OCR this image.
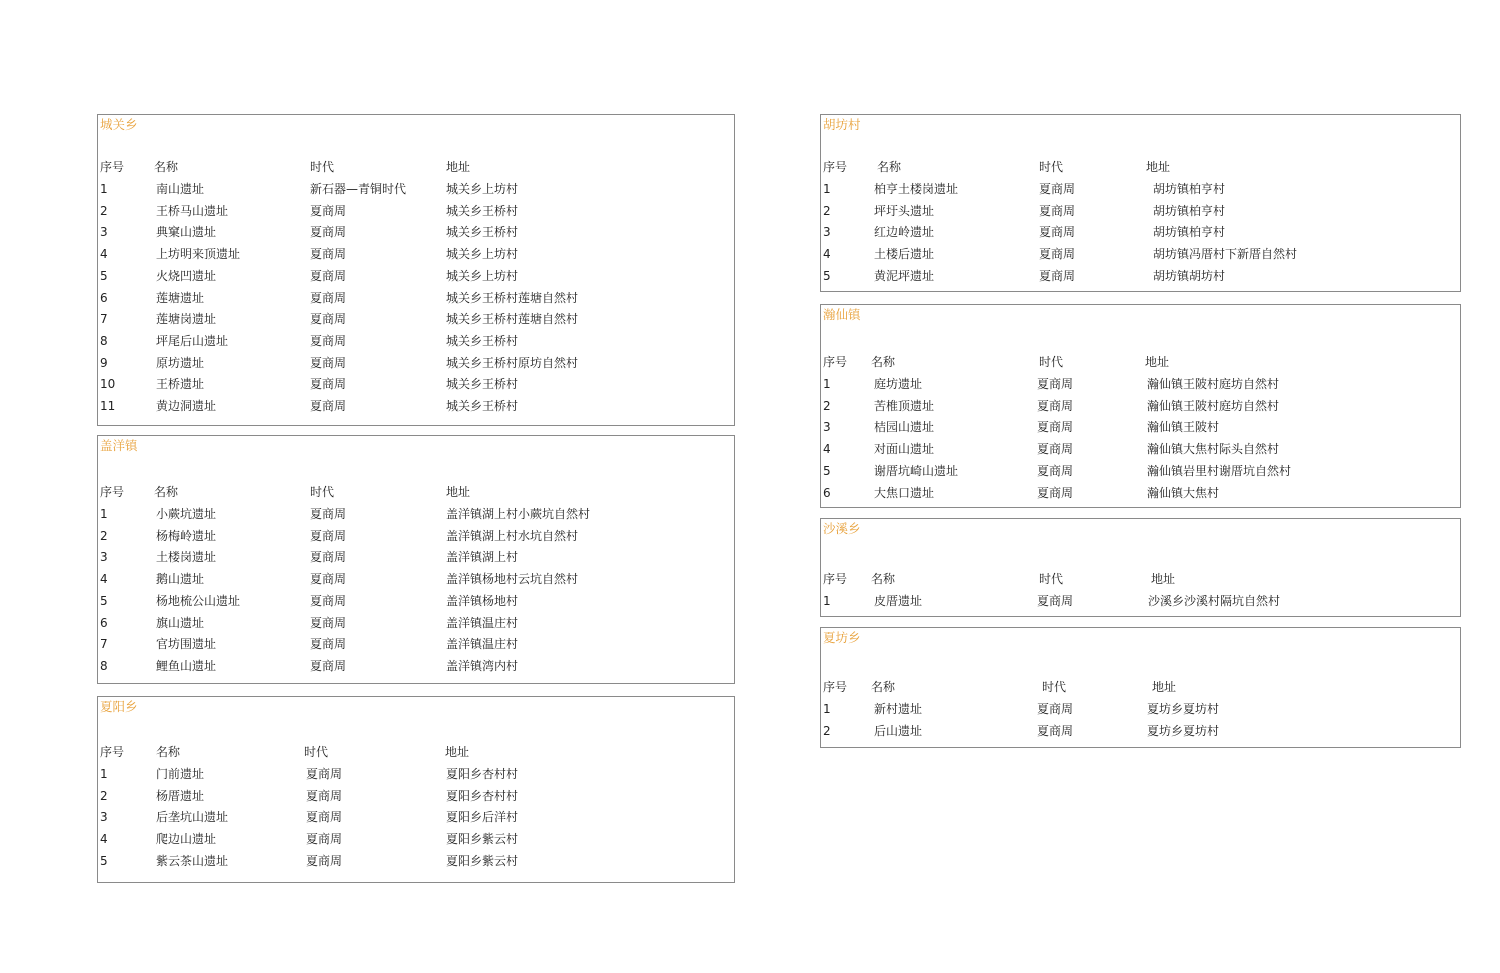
城关乡
序号 名称	时代	地址
1	南山遗址	新石器—青铜时代	城关乡上坊村
2	王桥马山遗址	夏商周	城关乡王桥村
3	典窠山遗址	夏商周	城关乡王桥村
4	上坊明来顶遗址	夏商周	城关乡上坊村
5	火烧凹遗址	夏商周	城关乡上坊村
6	莲塘遗址	夏商周	城关乡王桥村莲塘自然村
7	莲塘岗遗址	夏商周	城关乡王桥村莲塘自然村
8	坪尾后山遗址	夏商周	城关乡王桥村
9	原坊遗址	夏商周	城关乡王桥村原坊自然村
10	王桥遗址	夏商周	城关乡王桥村
11	黄边洞遗址	夏商周	城关乡王桥村
盖洋镇
序号 名称	时代	地址
1	小蕨坑遗址	夏商周	盖洋镇湖上村小蕨坑自然村
2	杨梅岭遗址	夏商周	盖洋镇湖上村水坑自然村
3	土楼岗遗址	夏商周	盖洋镇湖上村
4	鹅山遗址	夏商周	盖洋镇杨地村云坑自然村
5	杨地梳公山遗址	夏商周	盖洋镇杨地村
6	旗山遗址	夏商周	盖洋镇温庄村
7	官坊围遗址	夏商周	盖洋镇温庄村
8	鲤鱼山遗址	夏商周	盖洋镇湾内村
夏阳乡
序号	名称	时代	地址
1	门前遗址	夏商周	夏阳乡杏村村
2	杨厝遗址	夏商周	夏阳乡杏村村
3	后垄坑山遗址	夏商周	夏阳乡后洋村
4	爬边山遗址	夏商周	夏阳乡紫云村
5	紫云茶山遗址	夏商周	夏阳乡紫云村
胡坊村
序号 名称	时代	地址
1	柏亨土楼岗遗址	夏商周	胡坊镇柏亨村
2	坪圩头遗址	夏商周	胡坊镇柏亨村
3	红边岭遗址	夏商周	胡坊镇柏亨村
4	土楼后遗址	夏商周	胡坊镇冯厝村下新厝自然村
5	黄泥坪遗址	夏商周	胡坊镇胡坊村
瀚仙镇
序号 名称	时代	地址
1	庭坊遗址	夏商周	瀚仙镇王陂村庭坊自然村
2	苦椎顶遗址	夏商周	瀚仙镇王陂村庭坊自然村
3	桔园山遗址	夏商周	瀚仙镇王陂村
4	对面山遗址	夏商周	瀚仙镇大焦村际头自然村
5	谢厝坑崎山遗址	夏商周	瀚仙镇岩里村谢厝坑自然村
6	大焦口遗址	夏商周	瀚仙镇大焦村
沙溪乡
序号 名称	时代	地址
1	皮厝遗址	夏商周	沙溪乡沙溪村隔坑自然村
夏坊乡
序号 名称	时代	地址
1	新村遗址	夏商周	夏坊乡夏坊村
2	后山遗址	夏商周	夏坊乡夏坊村
